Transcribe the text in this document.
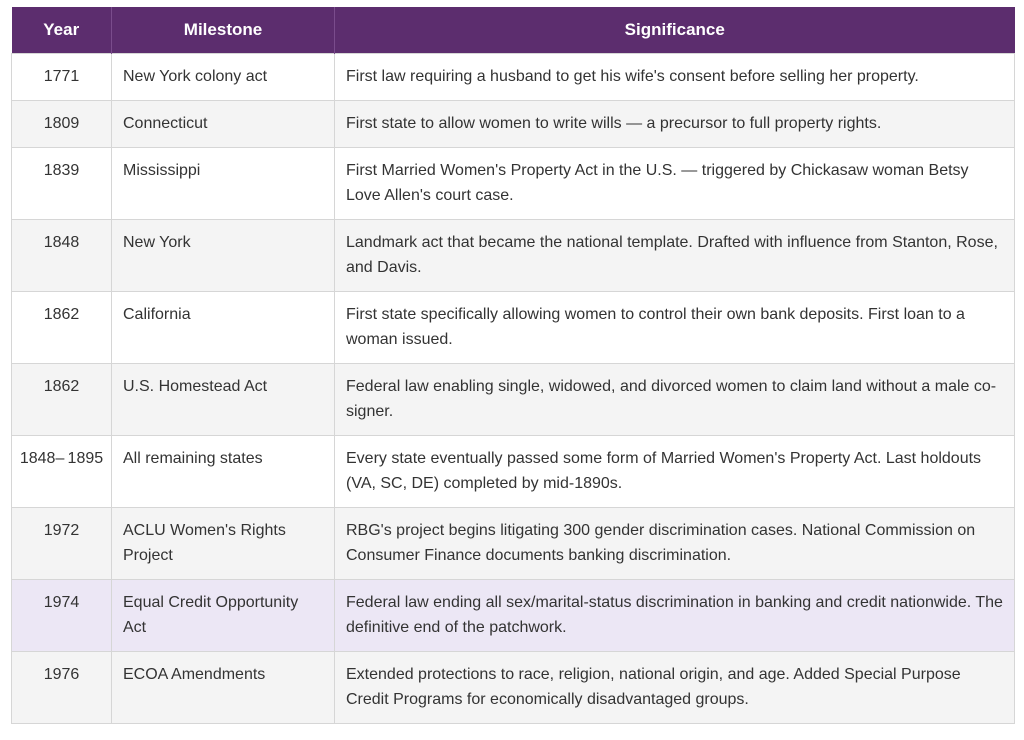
Year	Milestone	Significance
1771	New York colony act	First law requiring a husband to get his wife's consent before selling her property.
1809	Connecticut	First state to allow women to write wills — a precursor to full property rights.
1839	Mississippi	First Married Women's Property Act in the U.S. — triggered by Chickasaw woman Betsy Love Allen's court case.
1848	New York	Landmark act that became the national template. Drafted with influence from Stanton, Rose, and Davis.
1862	California	First state specifically allowing women to control their own bank deposits. First loan to a woman issued.
1862	U.S. Homestead Act	Federal law enabling single, widowed, and divorced women to claim land without a male co-signer.
1848– 1895	All remaining states	Every state eventually passed some form of Married Women's Property Act. Last holdouts (VA, SC, DE) completed by mid-1890s.
1972	ACLU Women's Rights Project	RBG's project begins litigating 300 gender discrimination cases. National Commission on Consumer Finance documents banking discrimination.
1974	Equal Credit Opportunity Act	Federal law ending all sex/marital-status discrimination in banking and credit nationwide. The definitive end of the patchwork.
1976	ECOA Amendments	Extended protections to race, religion, national origin, and age. Added Special Purpose Credit Programs for economically disadvantaged groups.
